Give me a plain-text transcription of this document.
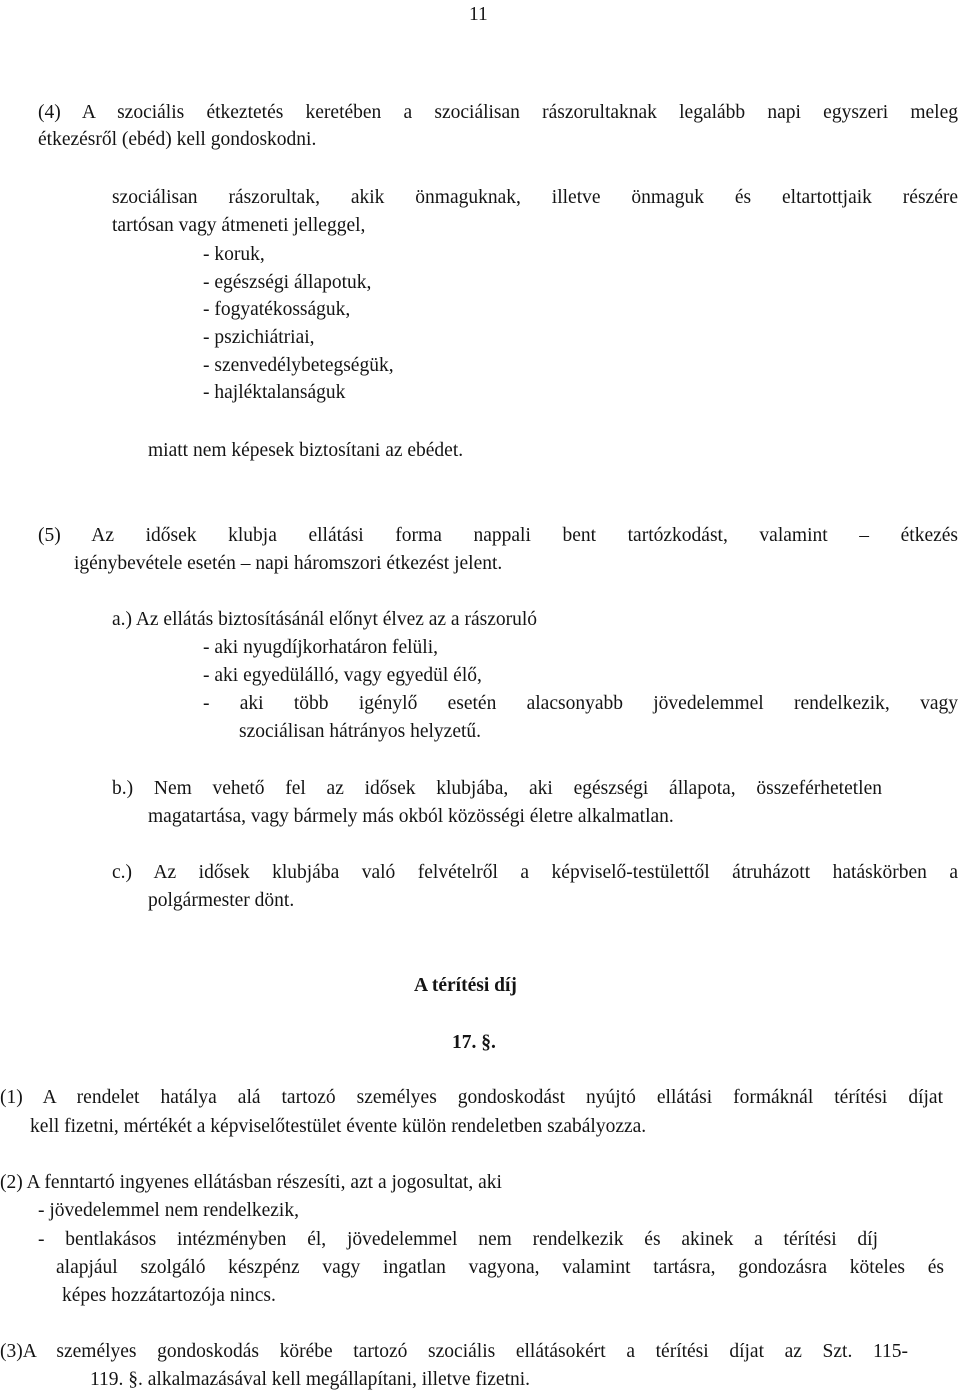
11
(4) A szociális étkeztetés keretében a szociálisan rászorultaknak legalább napi egyszeri meleg
étkezésről (ebéd) kell gondoskodni.
szociálisan rászorultak, akik önmaguknak, illetve önmaguk és eltartottjaik részére
tartósan vagy átmeneti jelleggel,
- koruk,
- egészségi állapotuk,
- fogyatékosságuk,
- pszichiátriai,
- szenvedélybetegségük,
- hajléktalanságuk
miatt nem képesek biztosítani az ebédet.
(5) Az idősek klubja ellátási forma nappali bent tartózkodást, valamint – étkezés
igénybevétele esetén – napi háromszori étkezést jelent.
a.) Az ellátás biztosításánál előnyt élvez az a rászoruló
- aki nyugdíjkorhatáron felüli,
- aki egyedülálló, vagy egyedül élő,
- aki több igénylő esetén alacsonyabb jövedelemmel rendelkezik, vagy
szociálisan hátrányos helyzetű.
b.) Nem vehető fel az idősek klubjába, aki egészségi állapota, összeférhetetlen
magatartása, vagy bármely más okból közösségi életre alkalmatlan.
c.) Az idősek klubjába való felvételről a képviselő-testülettől átruházott hatáskörben a
polgármester dönt.
A térítési díj
17. §.
(1) A rendelet hatálya alá tartozó személyes gondoskodást nyújtó ellátási formáknál térítési díjat
kell fizetni, mértékét a képviselőtestület évente külön rendeletben szabályozza.
(2) A fenntartó ingyenes ellátásban részesíti, azt a jogosultat, aki
- jövedelemmel nem rendelkezik,
- bentlakásos intézményben él, jövedelemmel nem rendelkezik és akinek a térítési díj
alapjául szolgáló készpénz vagy ingatlan vagyona, valamint tartásra, gondozásra köteles és
képes hozzátartozója nincs.
(3)A személyes gondoskodás körébe tartozó szociális ellátásokért a térítési díjat az Szt. 115-
119. §. alkalmazásával kell megállapítani, illetve fizetni.
